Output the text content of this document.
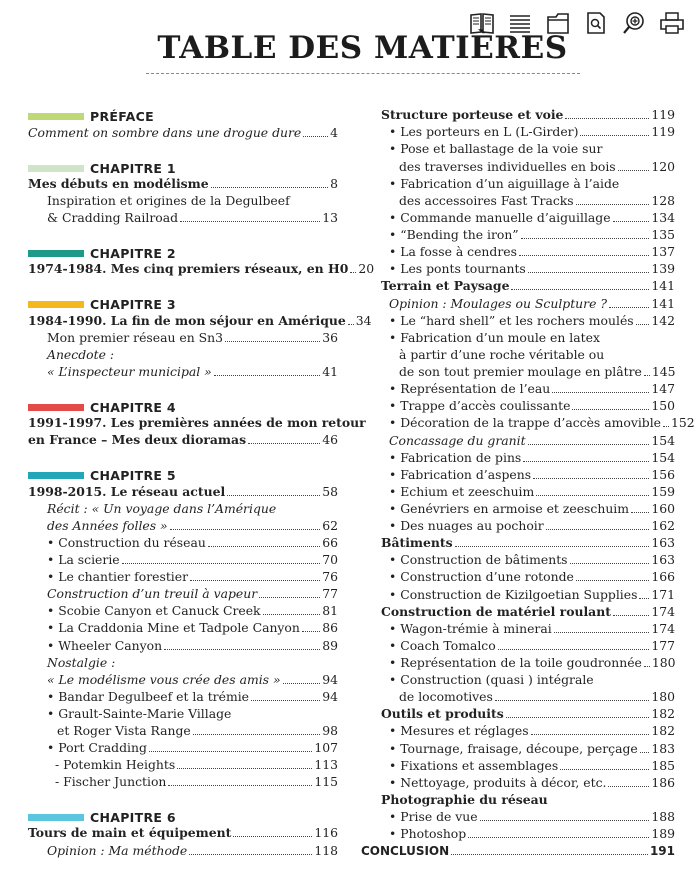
TABLE DES MATIÈRES
PRÉFACE
Comment on sombre dans une drogue dure 4
CHAPITRE 1
Mes débuts en modélisme	8
Inspiration et origines de la Degulbeef
& Cradding Railroad	13
CHAPITRE 2
1974-1984. Mes cinq premiers réseaux, en H0 20
CHAPITRE 3
1984-1990. La fin de mon séjour en Amérique 34
Mon premier réseau en Sn3	36
Anecdote :
« L’inspecteur municipal »	41
CHAPITRE 4
1991-1997. Les premières années de mon retour
en France – Mes deux dioramas	46
CHAPITRE 5
1998-2015. Le réseau actuel	58
Récit : « Un voyage dans l’Amérique
des Années folles »	62
• Construction du réseau	66
• La scierie	70
• Le chantier forestier	76
Construction d’un treuil à vapeur	77
• Scobie Canyon et Canuck Creek	81
• La Craddonia Mine et Tadpole Canyon 86
• Wheeler Canyon	89
Nostalgie :
« Le modélisme vous crée des amis »	94
• Bandar Degulbeef et la trémie	94
• Grault-Sainte-Marie Village
et Roger Vista Range	98
• Port Cradding	107
- Potemkin Heights	113
- Fischer Junction	115
CHAPITRE 6
Tours de main et équipement	116
Opinion : Ma méthode	118
Structure porteuse et voie	119
• Les porteurs en L (L-Girder)	119
• Pose et ballastage de la voie sur
des traverses individuelles en bois	120
• Fabrication d’un aiguillage à l’aide
des accessoires Fast Tracks	128
• Commande manuelle d’aiguillage	134
• “Bending the iron”	135
• La fosse à cendres	137
• Les ponts tournants	139
Terrain et Paysage	141
Opinion : Moulages ou Sculpture ?	141
• Le “hard shell” et les rochers moulés 142
• Fabrication d’un moule en latex
à partir d’une roche véritable ou
de son tout premier moulage en plâtre 145
• Représentation de l’eau	147
• Trappe d’accès coulissante	150
• Décoration de la trappe d’accès amovible 152
Concassage du granit	154
• Fabrication de pins	154
• Fabrication d’aspens	156
• Echium et zeeschuim	159
• Genévriers en armoise et zeeschuim 160
• Des nuages au pochoir	162
Bâtiments	163
• Construction de bâtiments	163
• Construction d’une rotonde	166
• Construction de Kizilgoetian Supplies 171
Construction de matériel roulant	174
• Wagon-trémie à minerai	174
• Coach Tomalco	177
• Représentation de la toile goudronnée 180
• Construction (quasi ) intégrale
de locomotives	180
Outils et produits	182
• Mesures et réglages	182
• Tournage, fraisage, découpe, perçage 183
• Fixations et assemblages	185
• Nettoyage, produits à décor, etc.	186
Photographie du réseau
• Prise de vue	188
• Photoshop	189
CONCLUSION	191
